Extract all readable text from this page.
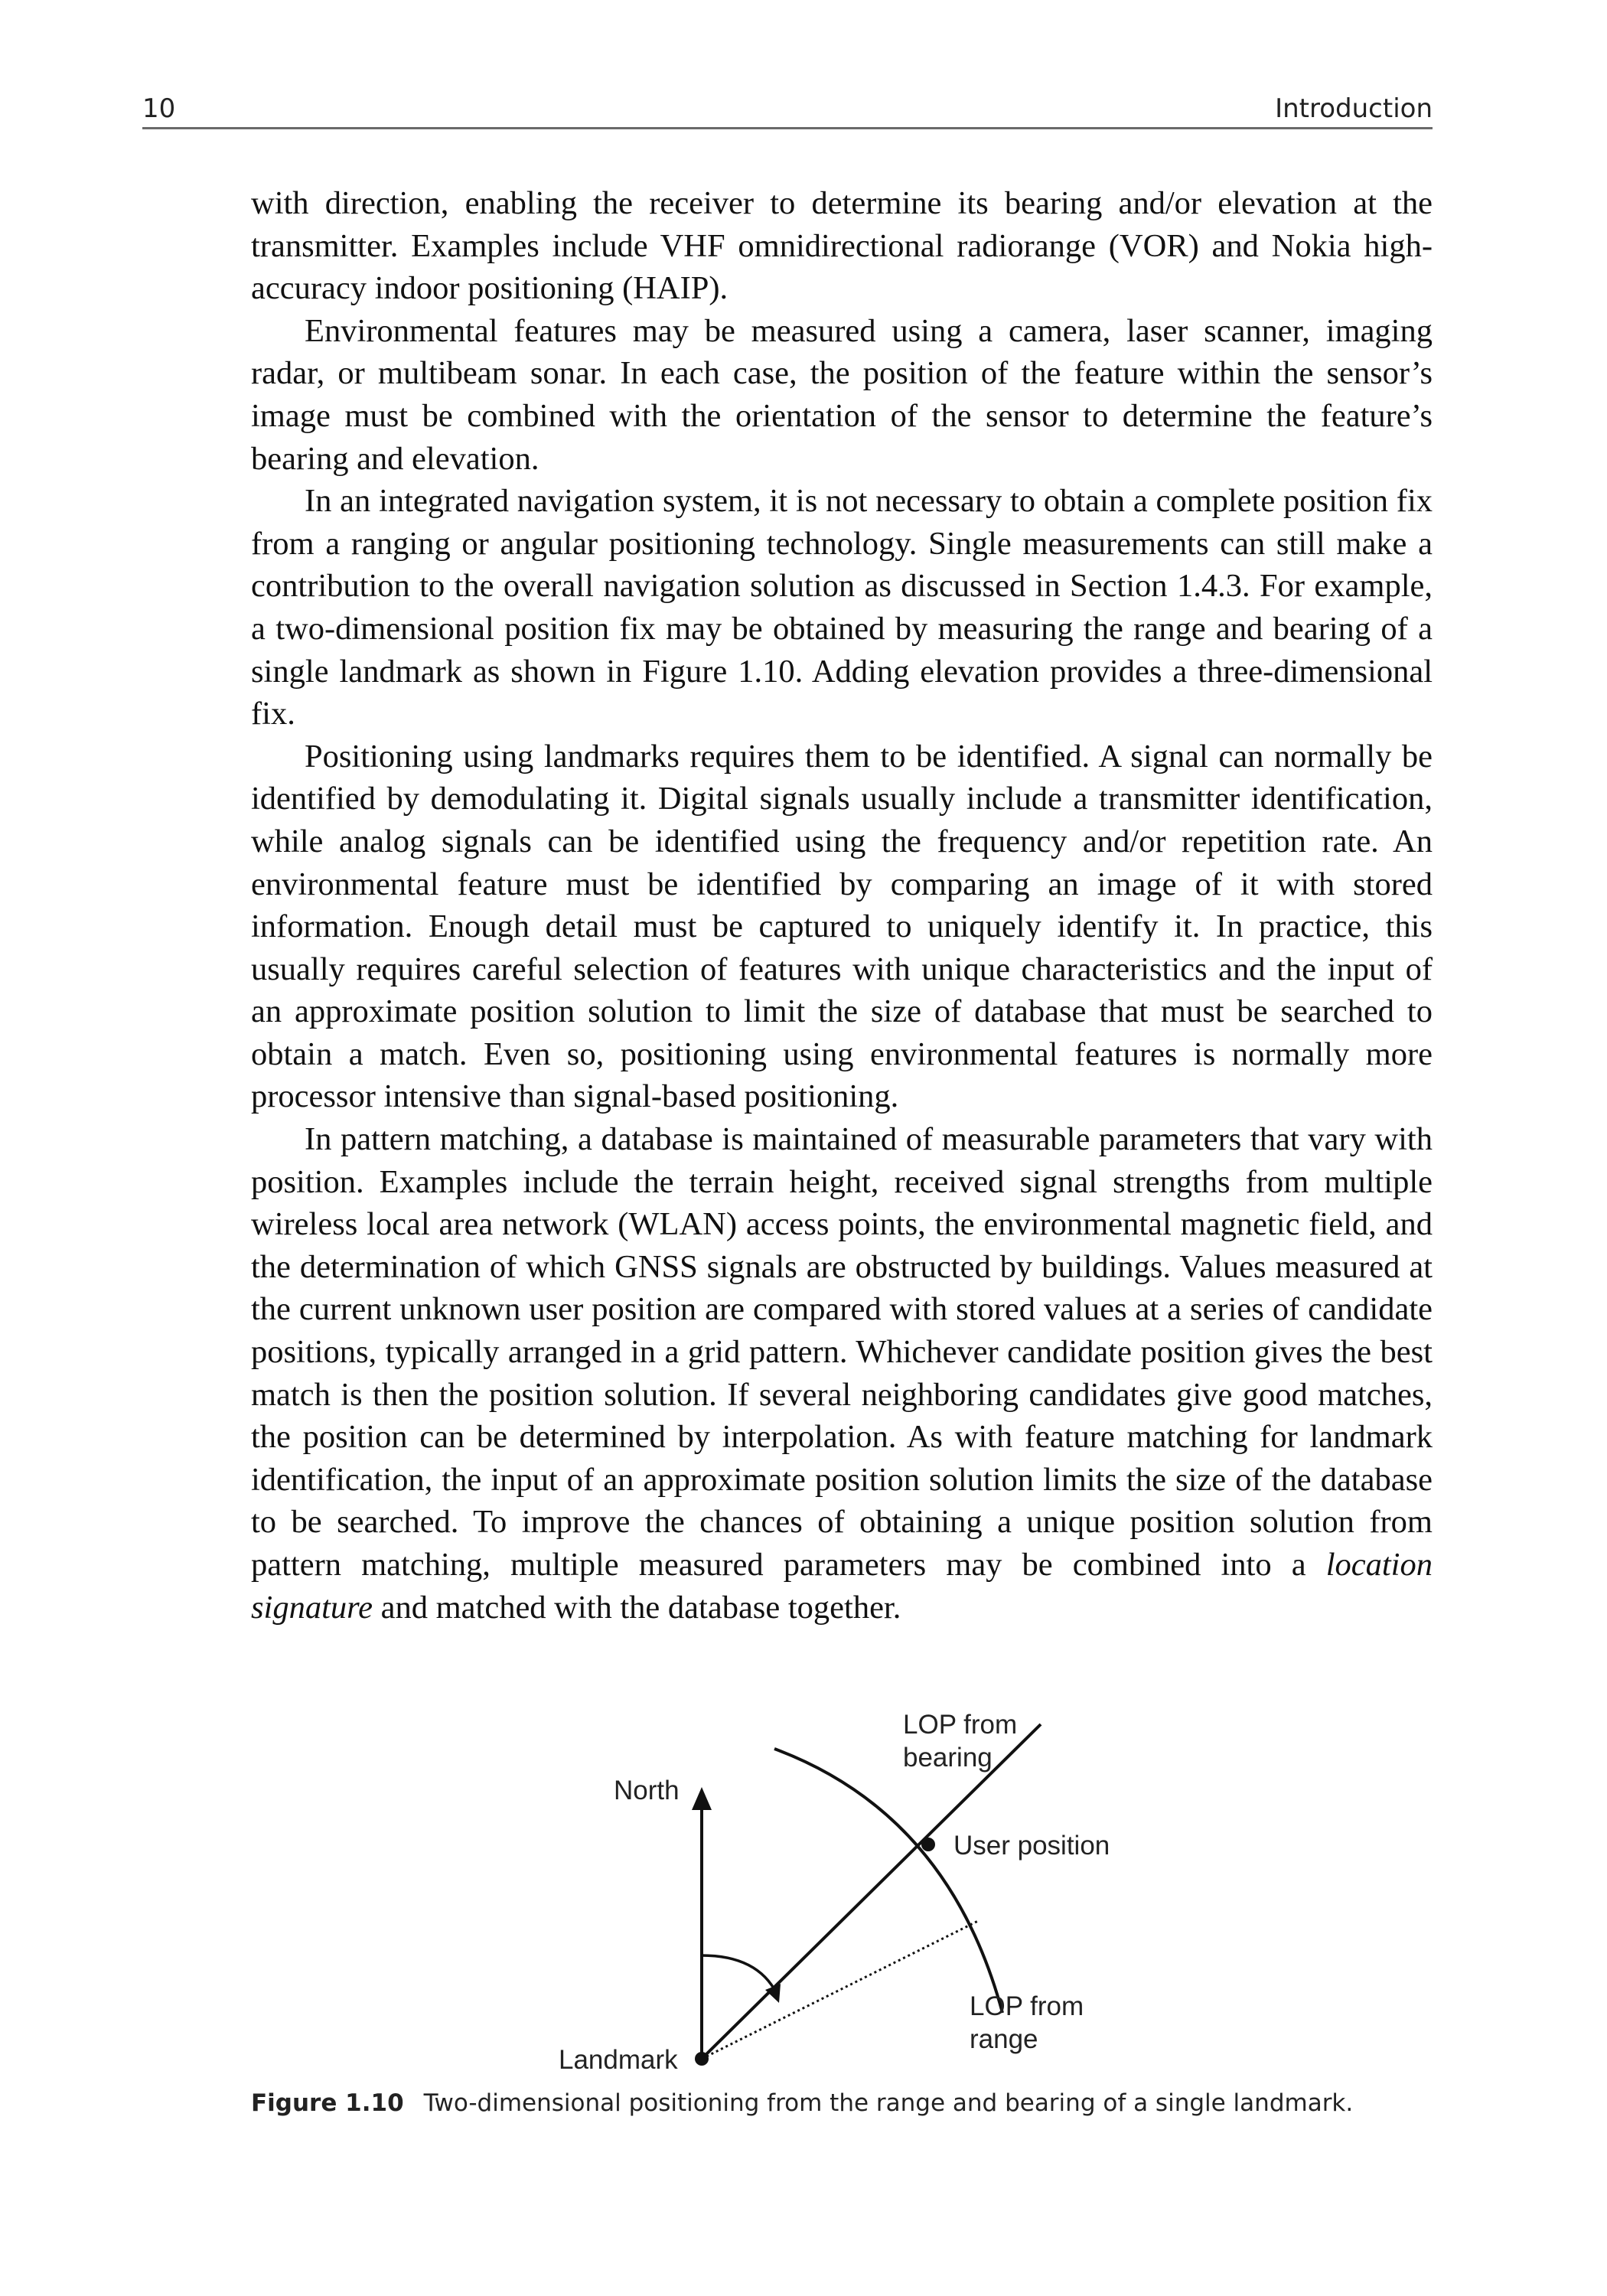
10	Introduction

with direction, enabling the receiver to determine its bearing and/or elevation at the transmitter. Examples include VHF omnidirectional radiorange (VOR) and Nokia high-accuracy indoor positioning (HAIP).

Environmental features may be measured using a camera, laser scanner, imaging radar, or multibeam sonar. In each case, the position of the feature within the sensor’s image must be combined with the orientation of the sensor to determine the feature’s bearing and elevation.

In an integrated navigation system, it is not necessary to obtain a complete position fix from a ranging or angular positioning technology. Single measurements can still make a contribution to the overall navigation solution as discussed in Section 1.4.3. For example, a two-dimensional position fix may be obtained by measuring the range and bearing of a single landmark as shown in Figure 1.10. Adding elevation provides a three-dimensional fix.

Positioning using landmarks requires them to be identified. A signal can normally be identified by demodulating it. Digital signals usually include a transmitter identification, while analog signals can be identified using the frequency and/or repetition rate. An environmental feature must be identified by comparing an image of it with stored information. Enough detail must be captured to uniquely identify it. In practice, this usually requires careful selection of features with unique characteristics and the input of an approximate position solution to limit the size of database that must be searched to obtain a match. Even so, positioning using environmental features is normally more processor intensive than signal-based positioning.

In pattern matching, a database is maintained of measurable parameters that vary with position. Examples include the terrain height, received signal strengths from multiple wireless local area network (WLAN) access points, the environmental magnetic field, and the determination of which GNSS signals are obstructed by buildings. Values measured at the current unknown user position are compared with stored values at a series of candidate positions, typically arranged in a grid pattern. Whichever candidate position gives the best match is then the position solution. If several neighboring candidates give good matches, the position can be determined by interpolation. As with feature matching for landmark identification, the input of an approximate position solution limits the size of the database to be searched. To improve the chances of obtaining a unique position solution from pattern matching, multiple measured parameters may be combined into a location signature and matched with the database together.

North
LOP from
bearing
User position
LOP from
range
Landmark
Figure 1.10 Two-dimensional positioning from the range and bearing of a single landmark.
